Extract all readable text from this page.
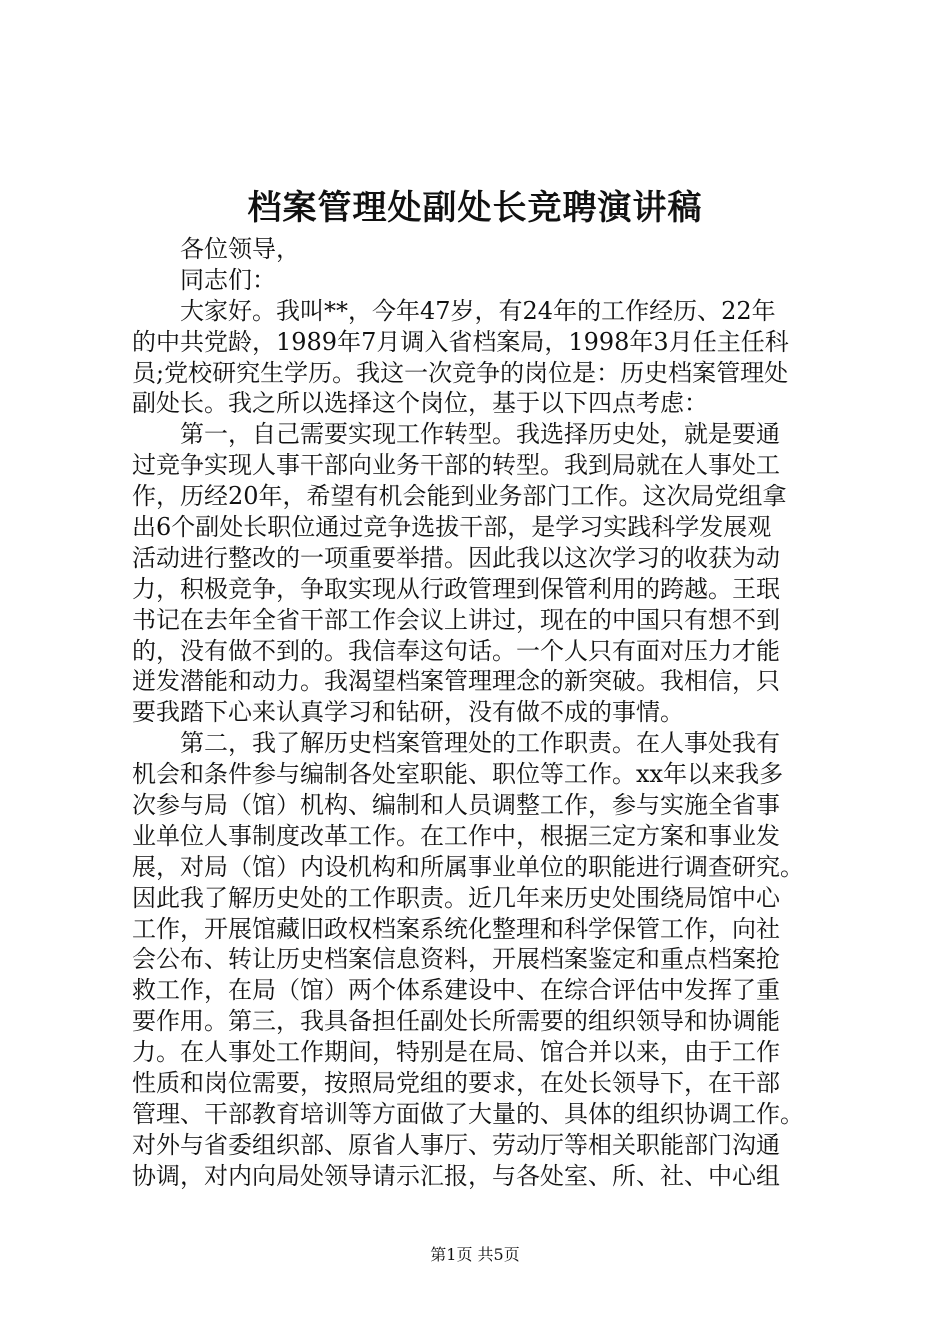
档案管理处副处长竞聘演讲稿
各位领导，
同志们：
大家好。我叫**，今年47岁，有24年的工作经历、22年
的中共党龄，1989年7月调入省档案局，1998年3月任主任科
员;党校研究生学历。我这一次竞争的岗位是：历史档案管理处
副处长。我之所以选择这个岗位，基于以下四点考虑：
第一，自己需要实现工作转型。我选择历史处，就是要通
过竞争实现人事干部向业务干部的转型。我到局就在人事处工
作，历经20年，希望有机会能到业务部门工作。这次局党组拿
出6个副处长职位通过竞争选拔干部，是学习实践科学发展观
活动进行整改的一项重要举措。因此我以这次学习的收获为动
力，积极竞争，争取实现从行政管理到保管利用的跨越。王珉
书记在去年全省干部工作会议上讲过，现在的中国只有想不到
的，没有做不到的。我信奉这句话。一个人只有面对压力才能
迸发潜能和动力。我渴望档案管理理念的新突破。我相信，只
要我踏下心来认真学习和钻研，没有做不成的事情。
第二，我了解历史档案管理处的工作职责。在人事处我有
机会和条件参与编制各处室职能、职位等工作。xx年以来我多
次参与局（馆）机构、编制和人员调整工作，参与实施全省事
业单位人事制度改革工作。在工作中，根据三定方案和事业发
展，对局（馆）内设机构和所属事业单位的职能进行调查研究。
因此我了解历史处的工作职责。近几年来历史处围绕局馆中心
工作，开展馆藏旧政权档案系统化整理和科学保管工作，向社
会公布、转让历史档案信息资料，开展档案鉴定和重点档案抢
救工作，在局（馆）两个体系建设中、在综合评估中发挥了重
要作用。第三，我具备担任副处长所需要的组织领导和协调能
力。在人事处工作期间，特别是在局、馆合并以来，由于工作
性质和岗位需要，按照局党组的要求，在处长领导下，在干部
管理、干部教育培训等方面做了大量的、具体的组织协调工作。
对外与省委组织部、原省人事厅、劳动厅等相关职能部门沟通
协调，对内向局处领导请示汇报，与各处室、所、社、中心组
第1页 共5页
